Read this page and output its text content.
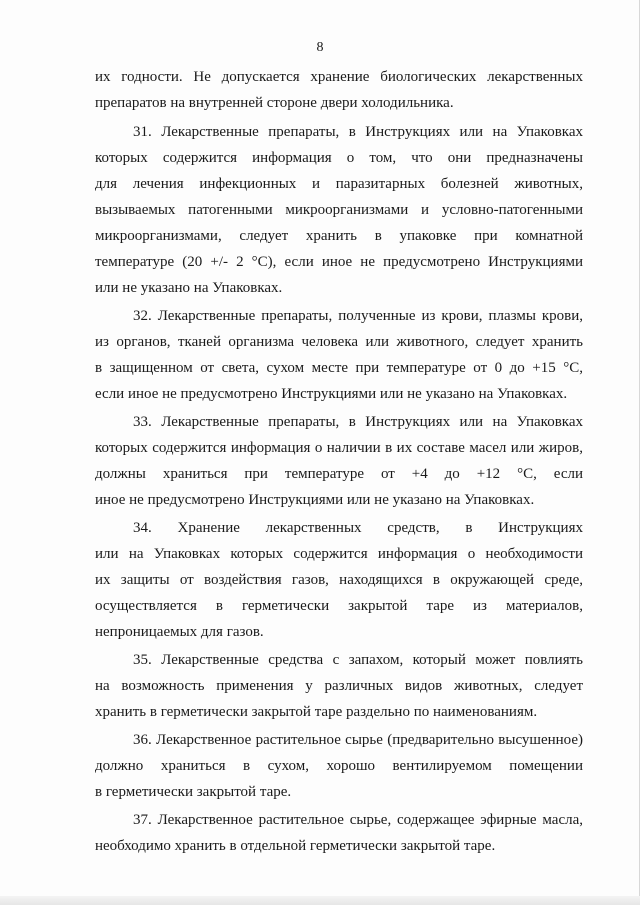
8
их годности. Не допускается хранение биологических лекарственных
препаратов на внутренней стороне двери холодильника.
31. Лекарственные препараты, в Инструкциях или на Упаковках
которых содержится информация о том, что они предназначены
для лечения инфекционных и паразитарных болезней животных,
вызываемых патогенными микроорганизмами и условно-патогенными
микроорганизмами, следует хранить в упаковке при комнатной
температуре (20 +/- 2 °C), если иное не предусмотрено Инструкциями
или не указано на Упаковках.
32. Лекарственные препараты, полученные из крови, плазмы крови,
из органов, тканей организма человека или животного, следует хранить
в защищенном от света, сухом месте при температуре от 0 до +15 °C,
если иное не предусмотрено Инструкциями или не указано на Упаковках.
33. Лекарственные препараты, в Инструкциях или на Упаковках
которых содержится информация о наличии в их составе масел или жиров,
должны храниться при температуре от +4 до +12 °C, если
иное не предусмотрено Инструкциями или не указано на Упаковках.
34. Хранение лекарственных средств, в Инструкциях
или на Упаковках которых содержится информация о необходимости
их защиты от воздействия газов, находящихся в окружающей среде,
осуществляется в герметически закрытой таре из материалов,
непроницаемых для газов.
35. Лекарственные средства с запахом, который может повлиять
на возможность применения у различных видов животных, следует
хранить в герметически закрытой таре раздельно по наименованиям.
36. Лекарственное растительное сырье (предварительно высушенное)
должно храниться в сухом, хорошо вентилируемом помещении
в герметически закрытой таре.
37. Лекарственное растительное сырье, содержащее эфирные масла,
необходимо хранить в отдельной герметически закрытой таре.
